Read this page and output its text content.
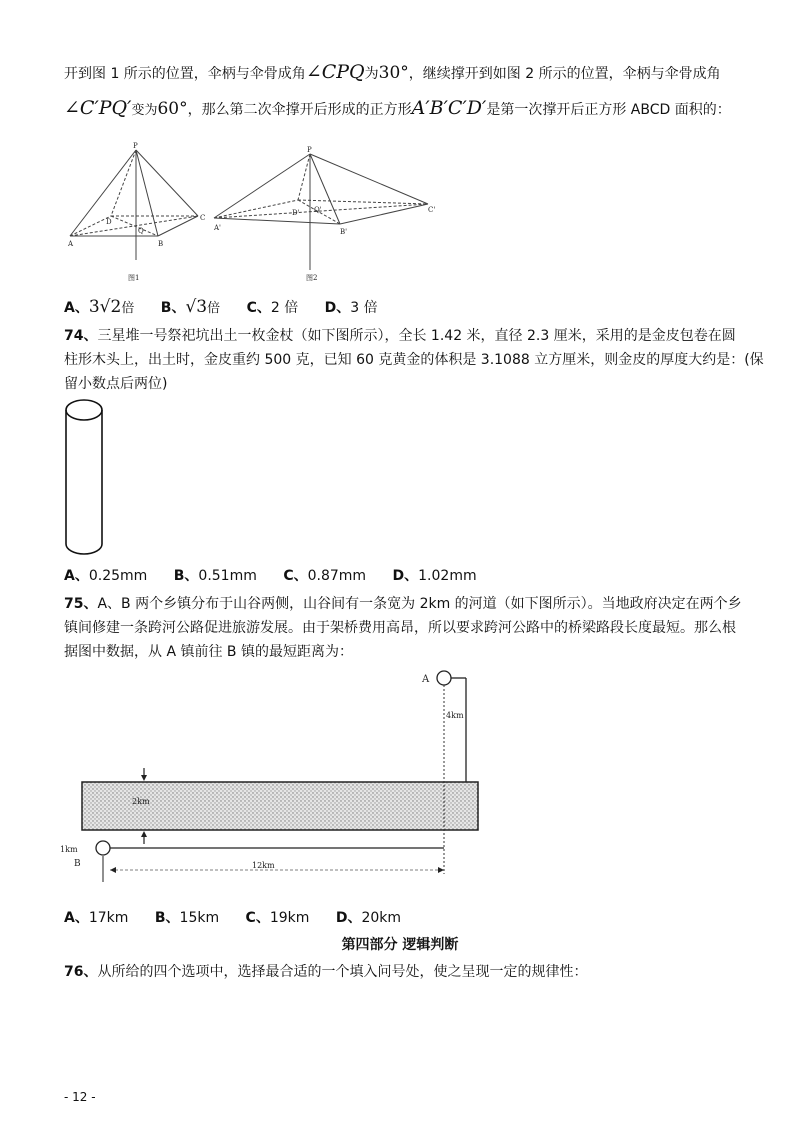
开到图 1 所示的位置，伞柄与伞骨成角∠CPQ为30°，继续撑开到如图 2 所示的位置，伞柄与伞骨成角
∠C′PQ′变为60°，那么第二次伞撑开后形成的正方形A′B′C′D′是第一次撑开后正方形 ABCD 面积的：
P
A	B
C
D
Q
图1
P
A'	B'
C'
D' Q'
图2
A、3√2倍 B、√3倍 C、2 倍 D、3 倍
74、三星堆一号祭祀坑出土一枚金杖（如下图所示），全长 1.42 米，直径 2.3 厘米，采用的是金皮包卷在圆
柱形木头上，出土时，金皮重约 500 克，已知 60 克黄金的体积是 3.1088 立方厘米，则金皮的厚度大约是：(保
留小数点后两位)
A、0.25mm B、0.51mm C、0.87mm D、1.02mm
75、A、B 两个乡镇分布于山谷两侧，山谷间有一条宽为 2km 的河道（如下图所示）。当地政府决定在两个乡
镇间修建一条跨河公路促进旅游发展。由于架桥费用高昂，所以要求跨河公路中的桥梁路段长度最短。那么根
据图中数据，从 A 镇前往 B 镇的最短距离为：
A
4km
2km
1km
B	12km
A、17km B、15km C、19km D、20km
第四部分 逻辑判断
76、从所给的四个选项中，选择最合适的一个填入问号处，使之呈现一定的规律性：
- 12 -
